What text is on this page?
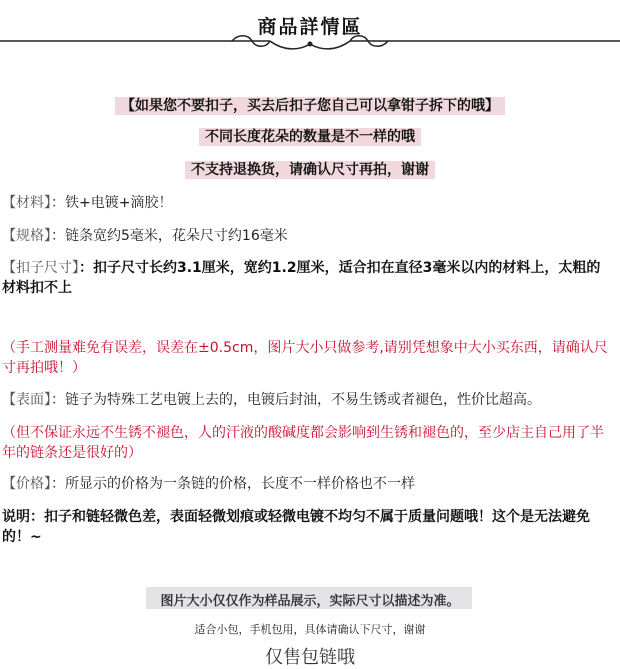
商品詳情區
【如果您不要扣子，买去后扣子您自己可以拿钳子拆下的哦】
不同长度花朵的数量是不一样的哦
不支持退换货，请确认尺寸再拍，谢谢
【材料】：铁+电镀+滴胶！
【规格】：链条宽约5毫米，花朵尺寸约16毫米
【扣子尺寸】：扣子尺寸长约3.1厘米，宽约1.2厘米，适合扣在直径3毫米以内的材料上，太粗的材料扣不上
（手工测量难免有误差，误差在±0.5cm，图片大小只做参考,请别凭想象中大小买东西，请确认尺寸再拍哦！）
【表面】：链子为特殊工艺电镀上去的，电镀后封油，不易生锈或者褪色，性价比超高。
（但不保证永远不生锈不褪色，人的汗液的酸碱度都会影响到生锈和褪色的，至少店主自己用了半年的链条还是很好的）
【价格】：所显示的价格为一条链的价格，长度不一样价格也不一样
说明：扣子和链轻微色差，表面轻微划痕或轻微电镀不均匀不属于质量问题哦！这个是无法避免的！~
图片大小仅仅作为样品展示，实际尺寸以描述为准。
适合小包，手机包用，具体请确认下尺寸，谢谢
仅售包链哦
